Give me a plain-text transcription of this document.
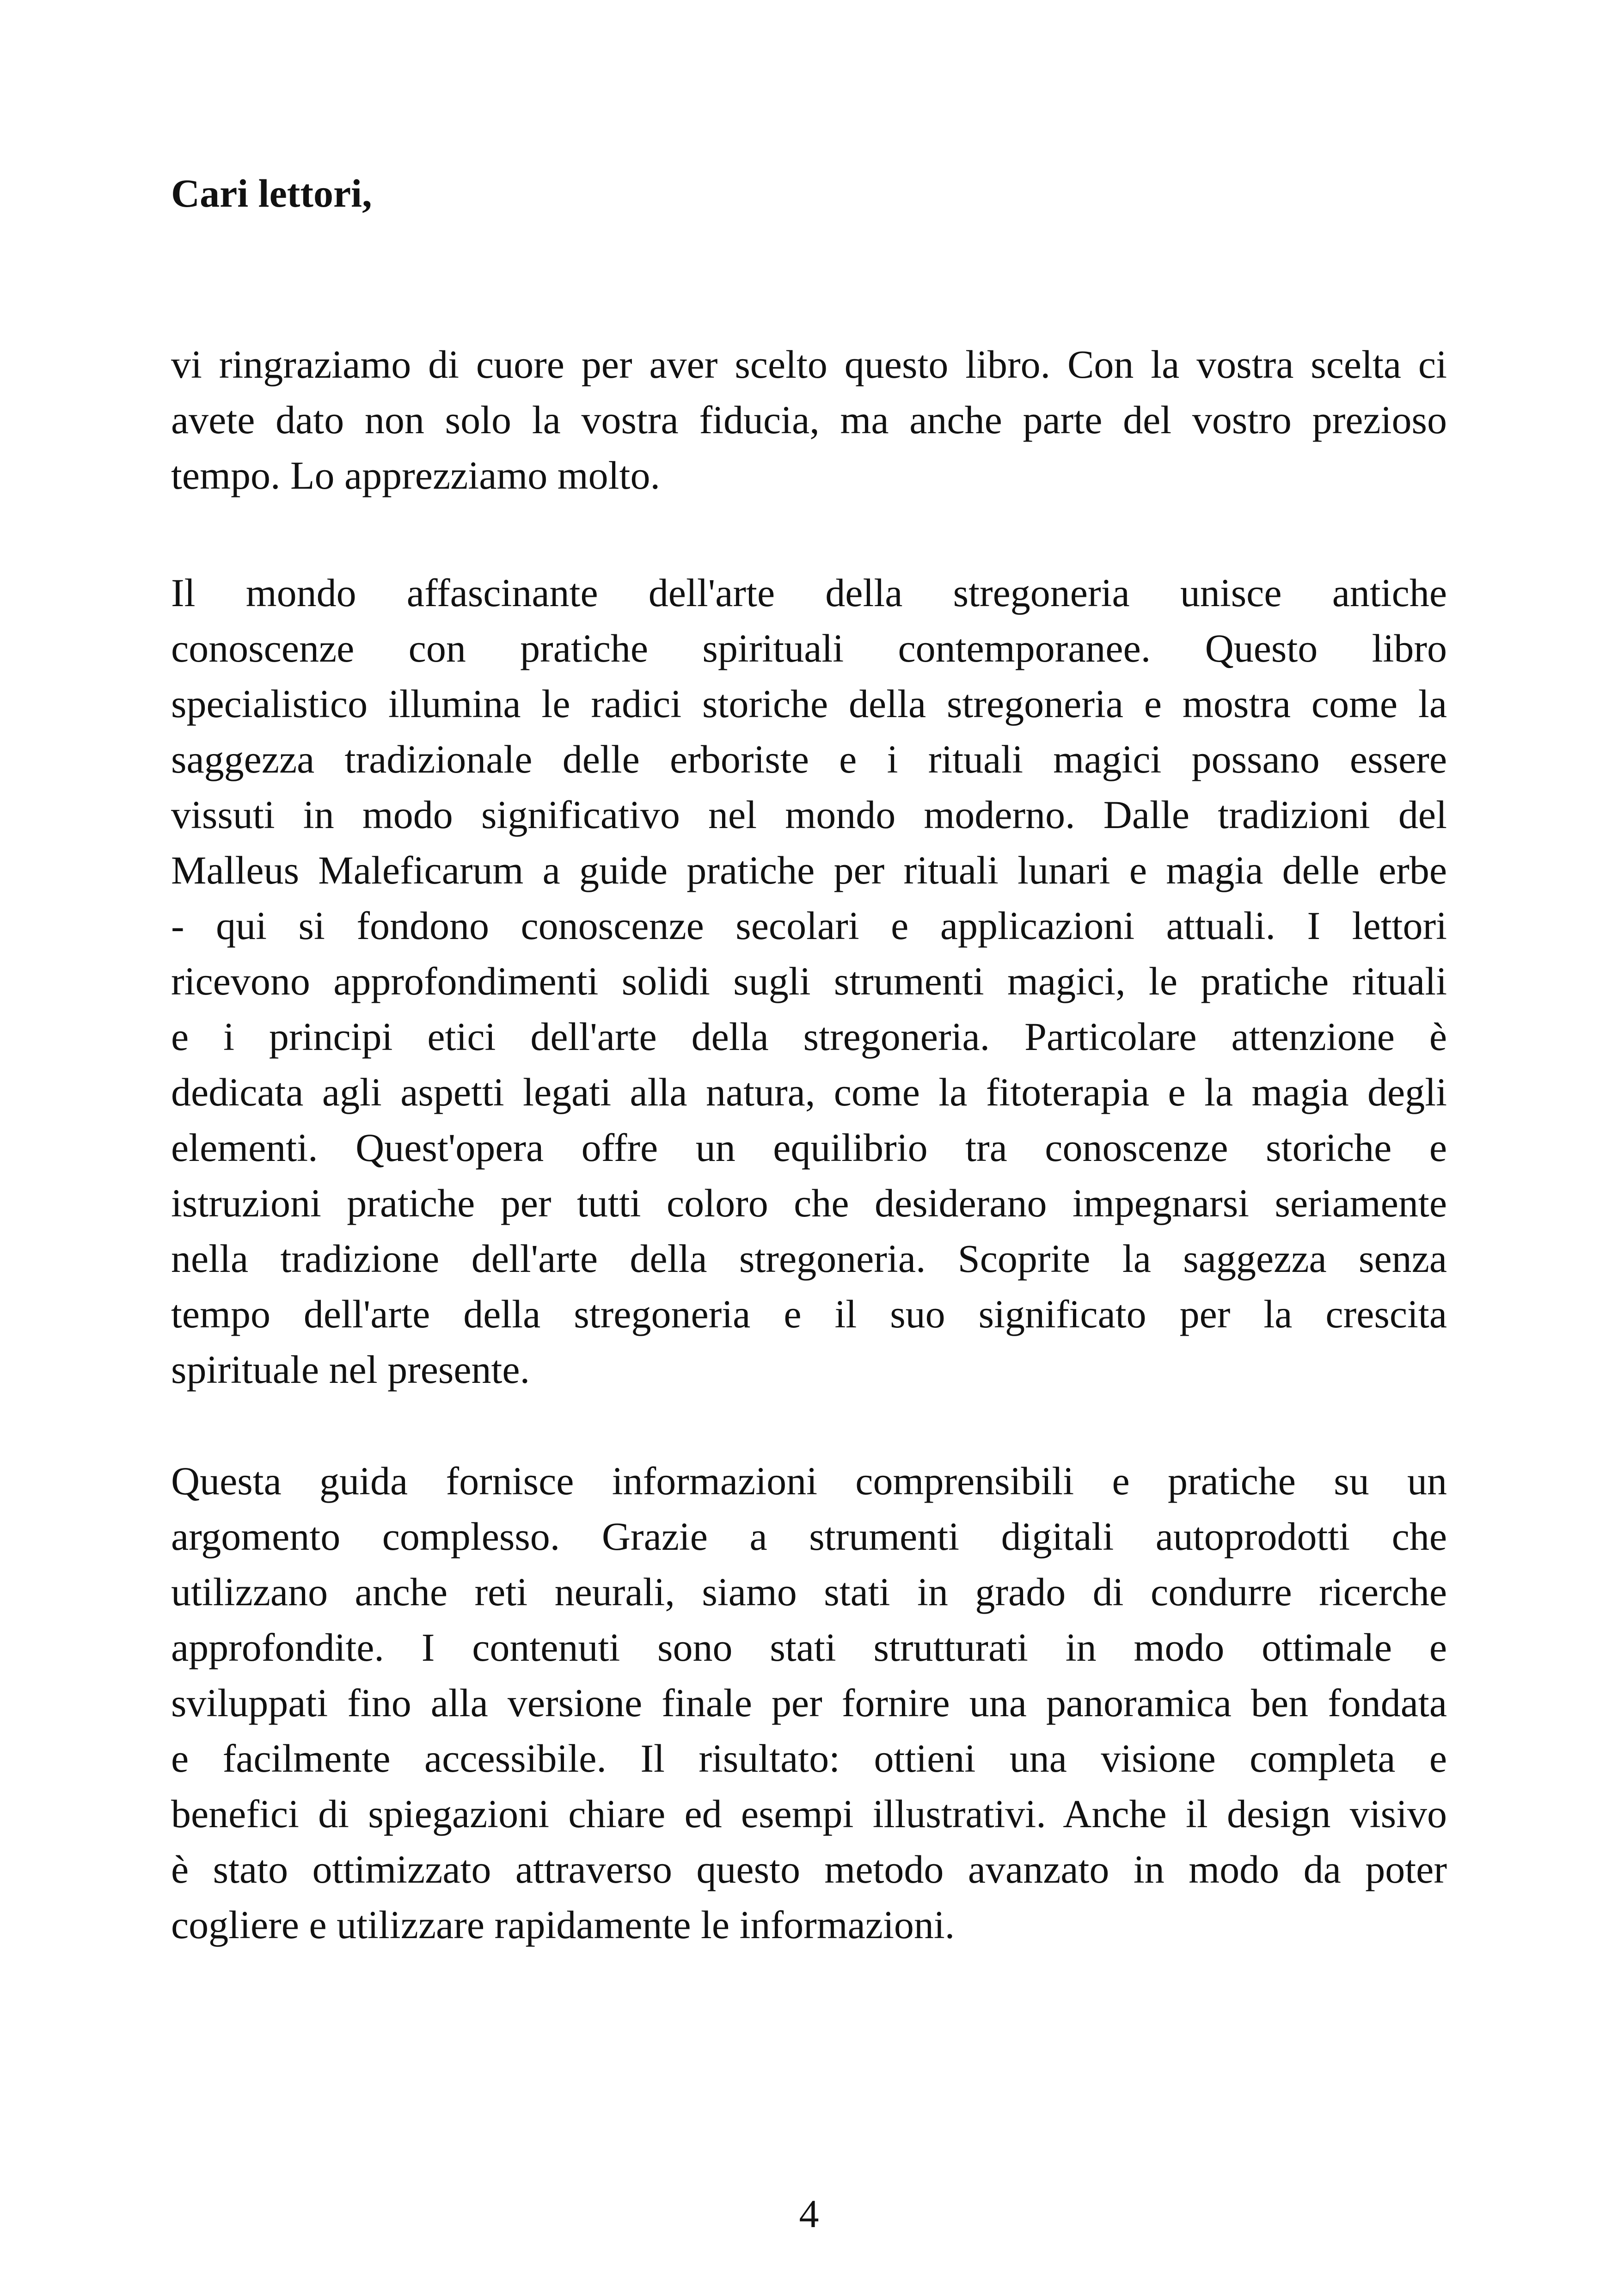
Cari lettori,

vi ringraziamo di cuore per aver scelto questo libro. Con la vostra scelta ci
avete dato non solo la vostra fiducia, ma anche parte del vostro prezioso
tempo. Lo apprezziamo molto.
Il mondo affascinante dell'arte della stregoneria unisce antiche
conoscenze con pratiche spirituali contemporanee. Questo libro
specialistico illumina le radici storiche della stregoneria e mostra come la
saggezza tradizionale delle erboriste e i rituali magici possano essere
vissuti in modo significativo nel mondo moderno. Dalle tradizioni del
Malleus Maleficarum a guide pratiche per rituali lunari e magia delle erbe
- qui si fondono conoscenze secolari e applicazioni attuali. I lettori
ricevono approfondimenti solidi sugli strumenti magici, le pratiche rituali
e i principi etici dell'arte della stregoneria. Particolare attenzione è
dedicata agli aspetti legati alla natura, come la fitoterapia e la magia degli
elementi. Quest'opera offre un equilibrio tra conoscenze storiche e
istruzioni pratiche per tutti coloro che desiderano impegnarsi seriamente
nella tradizione dell'arte della stregoneria. Scoprite la saggezza senza
tempo dell'arte della stregoneria e il suo significato per la crescita
spirituale nel presente.
Questa guida fornisce informazioni comprensibili e pratiche su un
argomento complesso. Grazie a strumenti digitali autoprodotti che
utilizzano anche reti neurali, siamo stati in grado di condurre ricerche
approfondite. I contenuti sono stati strutturati in modo ottimale e
sviluppati fino alla versione finale per fornire una panoramica ben fondata
e facilmente accessibile. Il risultato: ottieni una visione completa e
benefici di spiegazioni chiare ed esempi illustrativi. Anche il design visivo
è stato ottimizzato attraverso questo metodo avanzato in modo da poter
cogliere e utilizzare rapidamente le informazioni.

4
